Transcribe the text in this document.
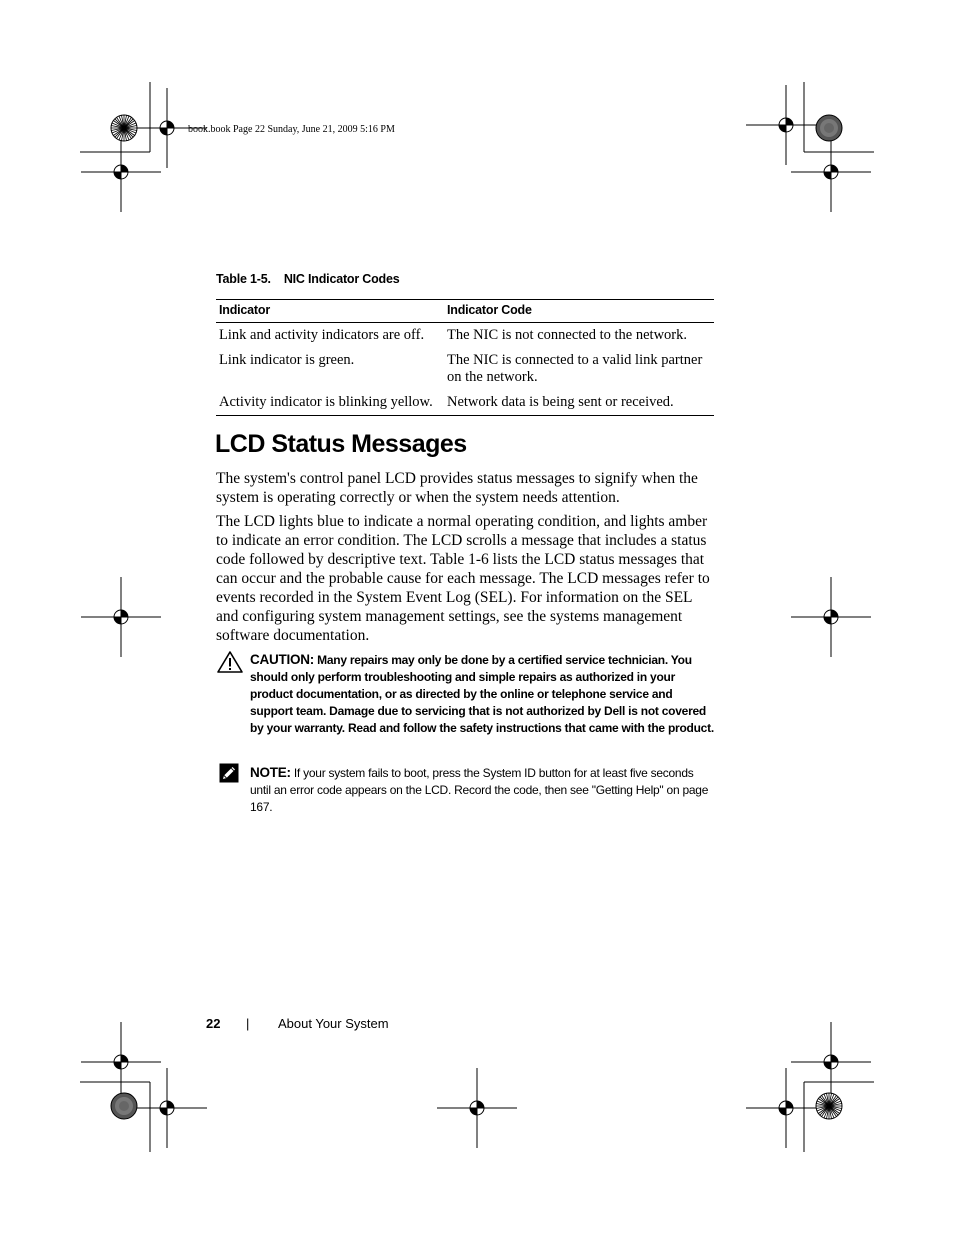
book.book Page 22 Sunday, June 21, 2009 5:16 PM
Table 1-5.    NIC Indicator Codes
Indicator	Indicator Code
Link and activity indicators are off.	The NIC is not connected to the network.
Link indicator is green.	The NIC is connected to a valid link partner on the network.
Activity indicator is blinking yellow.	Network data is being sent or received.
LCD Status Messages
The system's control panel LCD provides status messages to signify when the system is operating correctly or when the system needs attention.
The LCD lights blue to indicate a normal operating condition, and lights amber to indicate an error condition. The LCD scrolls a message that includes a status code followed by descriptive text. Table 1-6 lists the LCD status messages that can occur and the probable cause for each message. The LCD messages refer to events recorded in the System Event Log (SEL). For information on the SEL and configuring system management settings, see the systems management software documentation.
CAUTION: Many repairs may only be done by a certified service technician. You should only perform troubleshooting and simple repairs as authorized in your product documentation, or as directed by the online or telephone service and support team. Damage due to servicing that is not authorized by Dell is not covered by your warranty. Read and follow the safety instructions that came with the product.
NOTE: If your system fails to boot, press the System ID button for at least five seconds until an error code appears on the LCD. Record the code, then see "Getting Help" on page 167.
22 | About Your System
